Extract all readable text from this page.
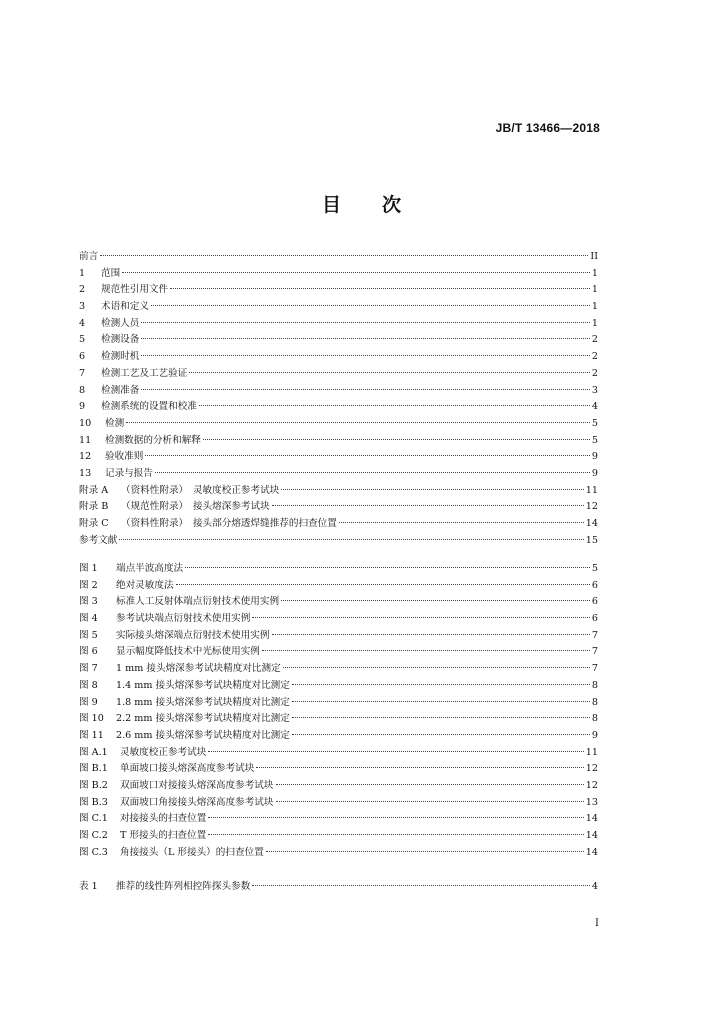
JB/T 13466—2018
目　　次
前言	II
1	范围	1
2	规范性引用文件	1
3	术语和定义	1
4	检测人员	1
5	检测设备	2
6	检测时机	2
7	检测工艺及工艺验证	2
8	检测准备	3
9	检测系统的设置和校准	4
10	检测	5
11	检测数据的分析和解释	5
12	验收准则	9
13	记录与报告	9
附录 A	（资料性附录）　灵敏度校正参考试块	11
附录 B	（规范性附录）　接头熔深参考试块	12
附录 C	（资料性附录）　接头部分熔透焊缝推荐的扫查位置	14
参考文献	15
图 1	端点半波高度法	5
图 2	绝对灵敏度法	6
图 3	标准人工反射体端点衍射技术使用实例	6
图 4	参考试块端点衍射技术使用实例	6
图 5	实际接头熔深端点衍射技术使用实例	7
图 6	显示幅度降低技术中光标使用实例	7
图 7	1 mm 接头熔深参考试块精度对比测定	7
图 8	1.4 mm 接头熔深参考试块精度对比测定	8
图 9	1.8 mm 接头熔深参考试块精度对比测定	8
图 10	2.2 mm 接头熔深参考试块精度对比测定	8
图 11	2.6 mm 接头熔深参考试块精度对比测定	9
图 A.1	灵敏度校正参考试块	11
图 B.1	单面坡口接头熔深高度参考试块	12
图 B.2	双面坡口对接接头熔深高度参考试块	12
图 B.3	双面坡口角接接头熔深高度参考试块	13
图 C.1	对接接头的扫查位置	14
图 C.2	T 形接头的扫查位置	14
图 C.3	角接接头（L 形接头）的扫查位置	14
表 1	推荐的线性阵列相控阵探头参数	4
I
